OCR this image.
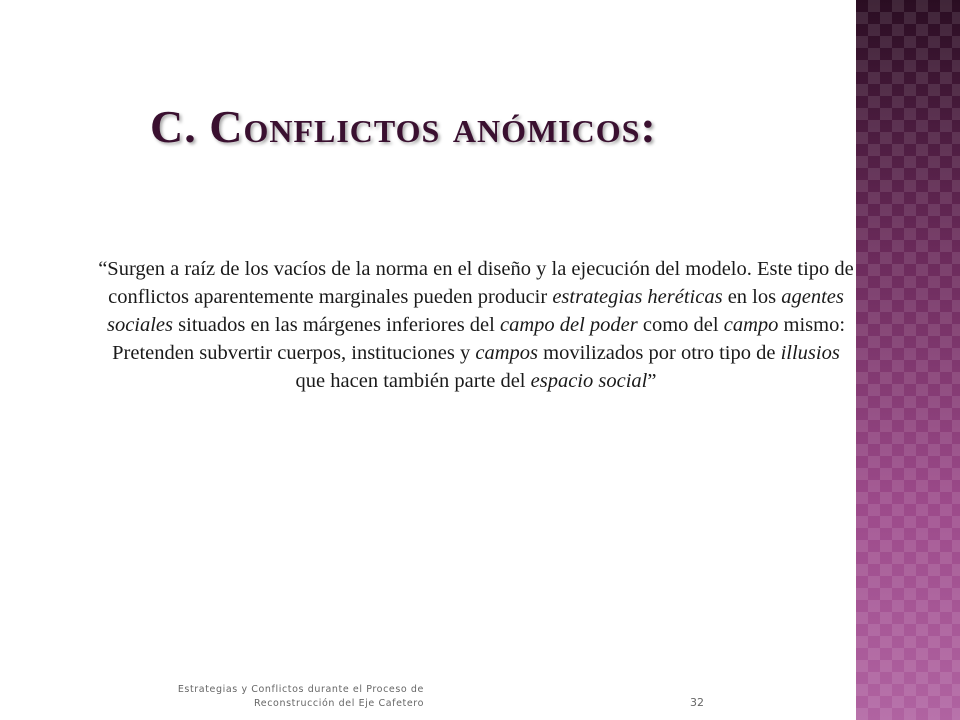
C. Conflictos anómicos:

“Surgen a raíz de los vacíos de la norma en el diseño y la ejecución del modelo. Este tipo de conflictos aparentemente marginales pueden producir estrategias heréticas en los agentes sociales situados en las márgenes inferiores del campo del poder como del campo mismo: Pretenden subvertir cuerpos, instituciones y campos movilizados por otro tipo de illusios que hacen también parte del espacio social”

Estrategias y Conflictos durante el Proceso de
Reconstrucción del Eje Cafetero	32
